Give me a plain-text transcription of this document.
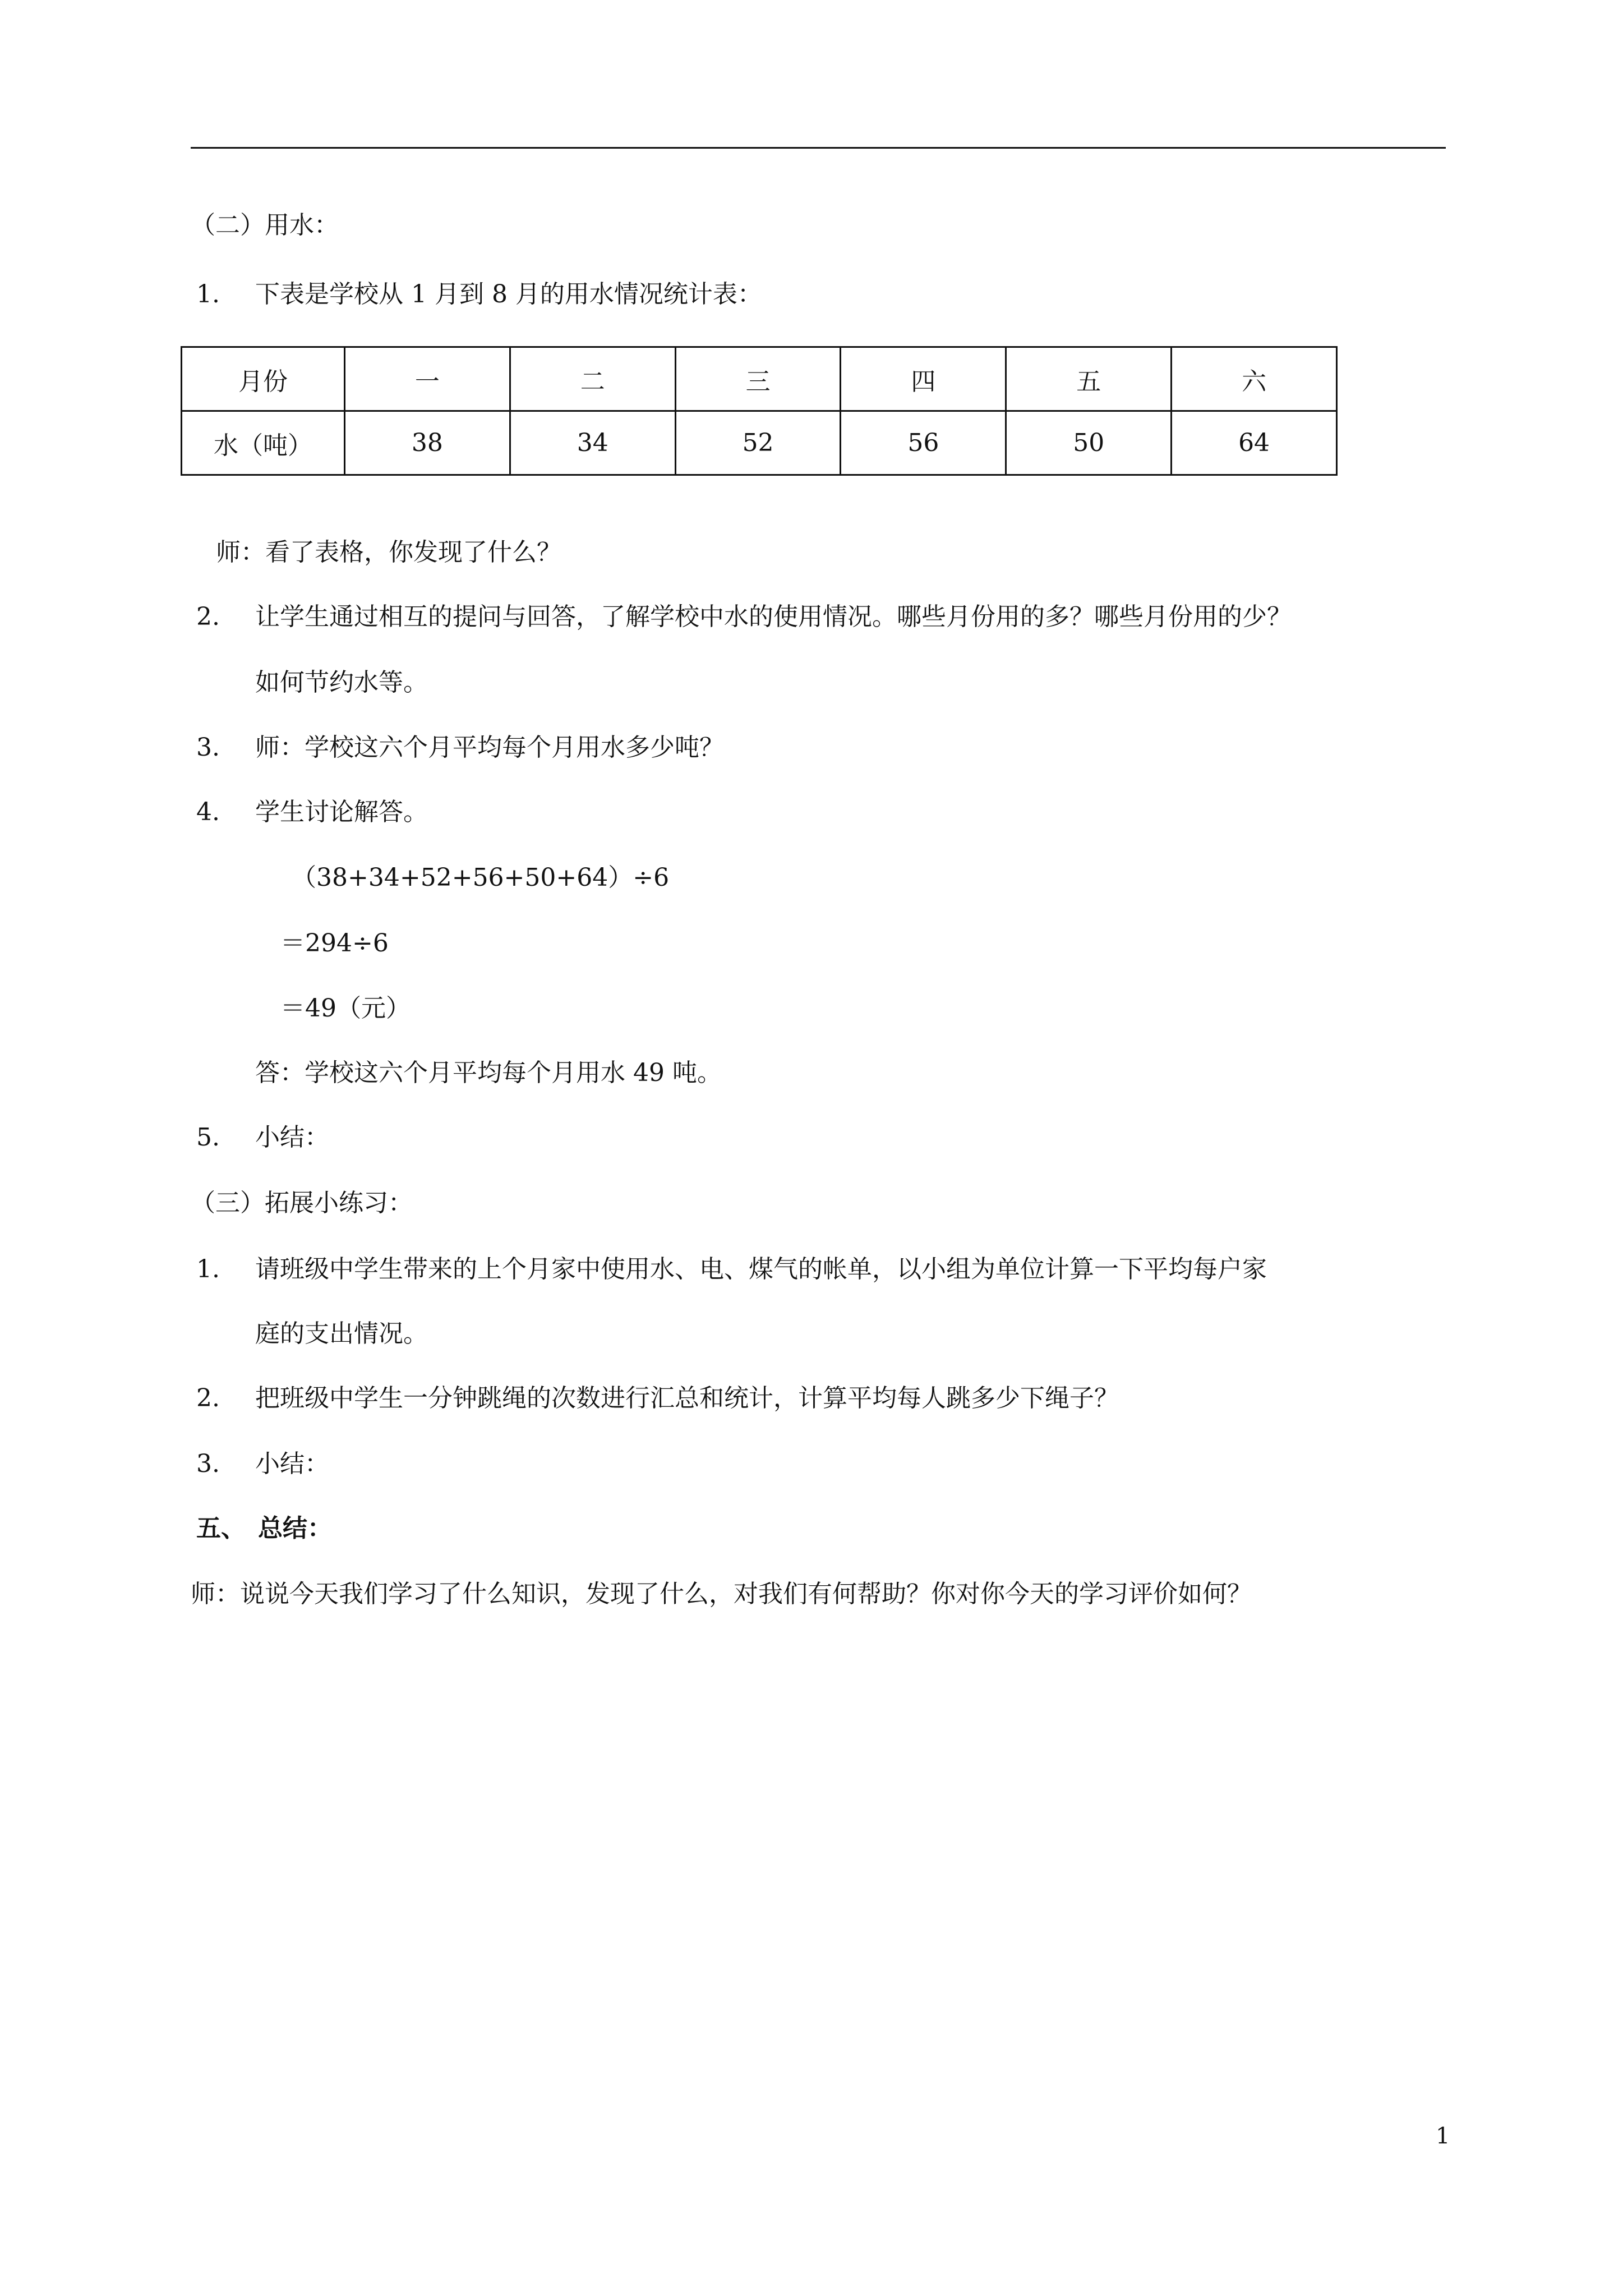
（二）用水：
1. 下表是学校从 1 月到 8 月的用水情况统计表：
月份	一	二	三	四	五	六
水（吨）	38	34	52	56	50	64
师：看了表格，你发现了什么？
2. 让学生通过相互的提问与回答，了解学校中水的使用情况。哪些月份用的多？哪些月份用的少？
如何节约水等。
3. 师：学校这六个月平均每个月用水多少吨？
4. 学生讨论解答。
（38+34+52+56+50+64）÷6
＝294÷6
＝49（元）
答：学校这六个月平均每个月用水 49 吨。
5. 小结：
（三）拓展小练习：
1. 请班级中学生带来的上个月家中使用水、电、煤气的帐单，以小组为单位计算一下平均每户家
庭的支出情况。
2. 把班级中学生一分钟跳绳的次数进行汇总和统计，计算平均每人跳多少下绳子？
3. 小结：
五、　总结：
师：说说今天我们学习了什么知识，发现了什么，对我们有何帮助？你对你今天的学习评价如何？
1
